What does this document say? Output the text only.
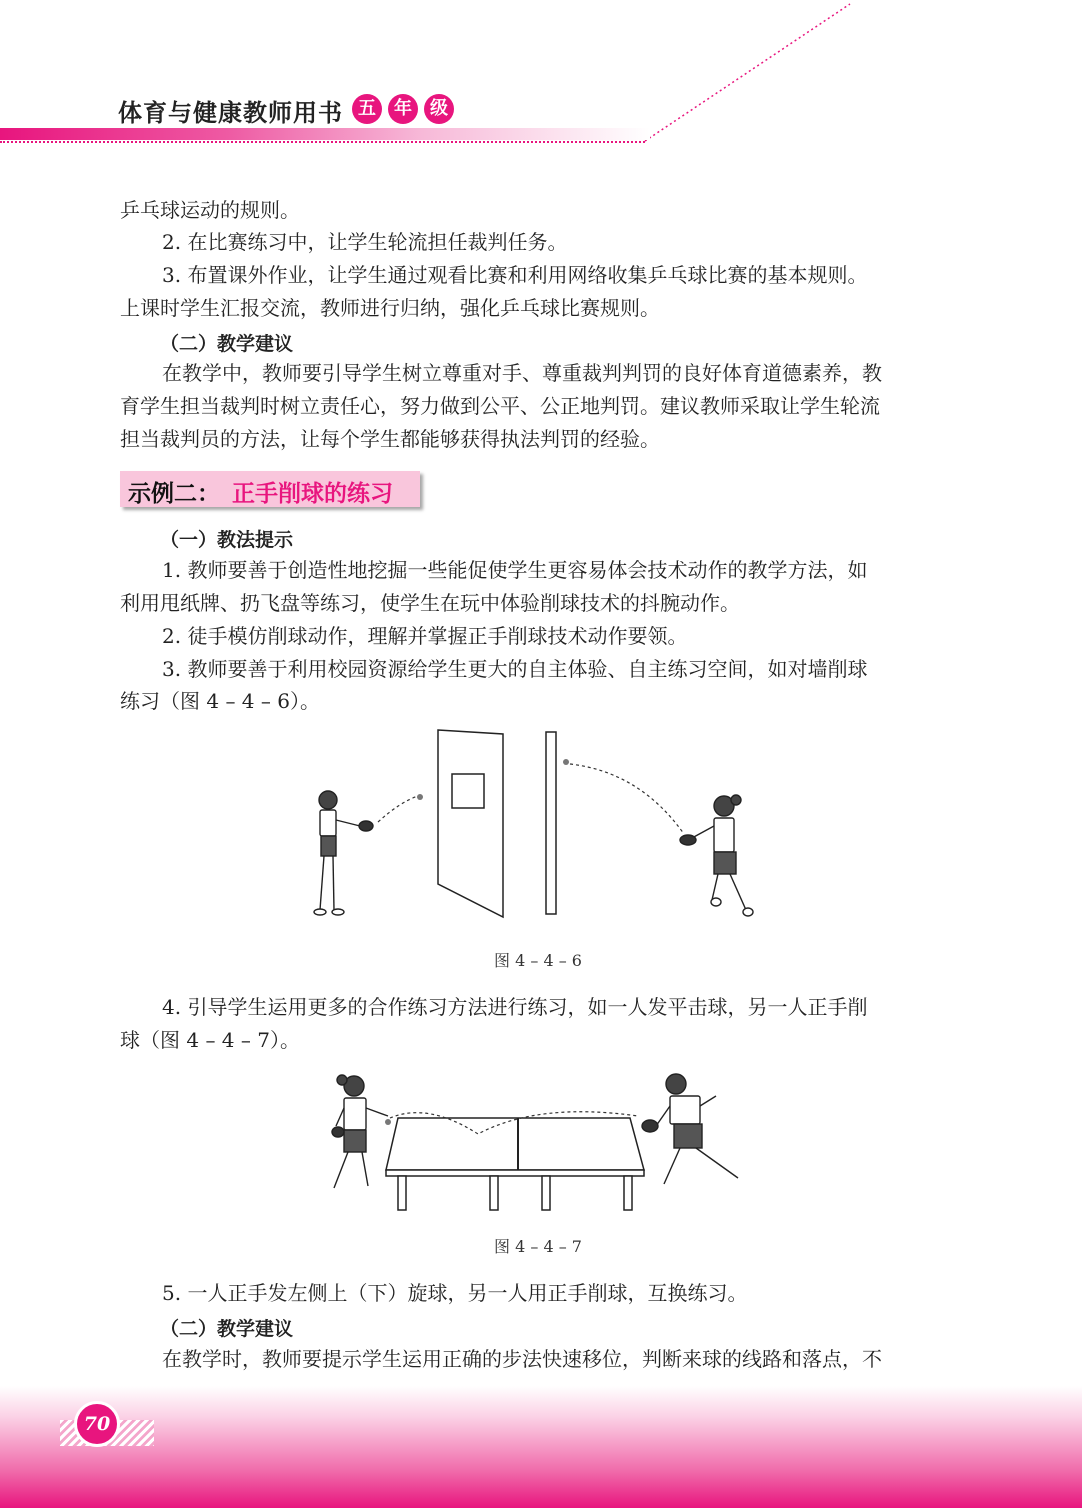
体育与健康教师用书 五	年	级
乒乓球运动的规则。
2. 在比赛练习中，让学生轮流担任裁判任务。
3. 布置课外作业，让学生通过观看比赛和利用网络收集乒乓球比赛的基本规则。
上课时学生汇报交流，教师进行归纳，强化乒乓球比赛规则。
（二）教学建议
在教学中，教师要引导学生树立尊重对手、尊重裁判判罚的良好体育道德素养，教
育学生担当裁判时树立责任心，努力做到公平、公正地判罚。建议教师采取让学生轮流
担当裁判员的方法，让每个学生都能够获得执法判罚的经验。
示例二： 正手削球的练习
（一）教法提示
1. 教师要善于创造性地挖掘一些能促使学生更容易体会技术动作的教学方法，如
利用甩纸牌、扔飞盘等练习，使学生在玩中体验削球技术的抖腕动作。
2. 徒手模仿削球动作，理解并掌握正手削球技术动作要领。
3. 教师要善于利用校园资源给学生更大的自主体验、自主练习空间，如对墙削球
练习（图 4 – 4 – 6）。
图 4 – 4 – 6
4. 引导学生运用更多的合作练习方法进行练习，如一人发平击球，另一人正手削
球（图 4 – 4 – 7）。
图 4 – 4 – 7
5. 一人正手发左侧上（下）旋球，另一人用正手削球，互换练习。
（二）教学建议
在教学时，教师要提示学生运用正确的步法快速移位，判断来球的线路和落点，不
70
